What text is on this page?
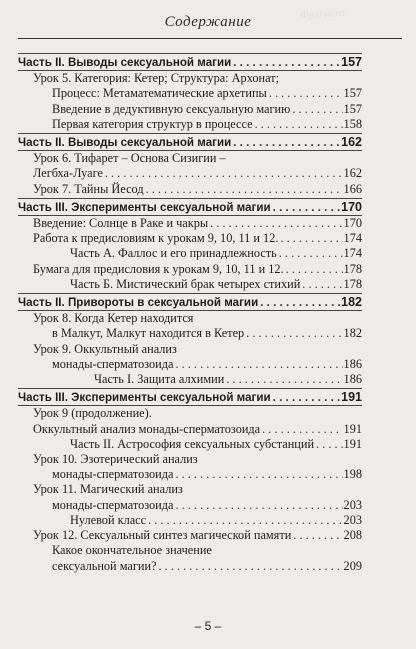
Фрагмент
Содержание
Часть II. Выводы сексуальной магии . . .	157
Урок 5. Категория: Кетер; Структура: Архонат;
Процесс: Метаматематические архетипы . . .	157
Введение в дедуктивную сексуальную магию . . .	157
Первая категория структур в процессе . . .	158
Часть II. Выводы сексуальной магии . . .	162
Урок 6. Тифарет – Основа Сизигии –
Легбха-Луаге . . .	162
Урок 7. Тайны Йесод . . .	166
Часть III. Эксперименты сексуальной магии . . .	170
Введение: Солнце в Раке и чакры . . .	170
Работа к предисловиям к урокам 9, 10, 11 и 12. . . .	174
Часть А. Фаллос и его принадлежность . . .	174
Бумага для предисловия к урокам 9, 10, 11 и 12. . . .	178
Часть Б. Мистический брак четырех стихий . . .	178
Часть II. Привороты в сексуальной магии . . .	182
Урок 8. Когда Кетер находится
в Малкут, Малкут находится в Кетер . . .	182
Урок 9. Оккультный анализ
монады-сперматозоида . . .	186
Часть I. Защита алхимии . . .	186
Часть III. Эксперименты сексуальной магии . . .	191
Урок 9 (продолжение).
Оккультный анализ монады-сперматозоида . . .	191
Часть II. Астрософия сексуальных субстанций . . . 191
Урок 10. Эзотерический анализ
монады-сперматозоида . . .	198
Урок 11. Магический анализ
монады-сперматозоида . . .	203
Нулевой класс . . .	203
Урок 12. Сексуальный синтез магической памяти . . .	208
Какое окончательное значение
сексуальной магии? . . .	209
– 5 –
